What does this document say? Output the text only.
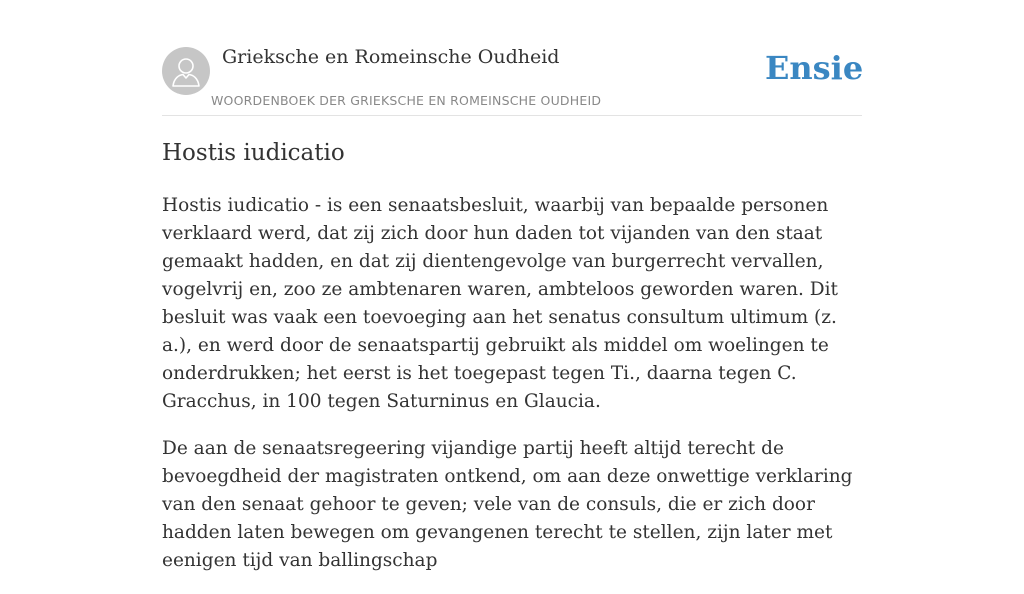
Grieksche en Romeinsche Oudheid
WOORDENBOEK DER GRIEKSCHE EN ROMEINSCHE OUDHEID
Ensie
Hostis iudicatio

Hostis iudicatio - is een senaatsbesluit, waarbij van bepaalde personen verklaard werd, dat zij zich door hun daden tot vijanden van den staat gemaakt hadden, en dat zij dientengevolge van burgerrecht vervallen, vogelvrij en, zoo ze ambtenaren waren, ambteloos geworden waren. Dit besluit was vaak een toevoeging aan het senatus consultum ultimum (z. a.), en werd door de senaatspartij gebruikt als middel om woelingen te onderdrukken; het eerst is het toegepast tegen Ti., daarna tegen C. Gracchus, in 100 tegen Saturninus en Glaucia.

De aan de senaatsregeering vijandige partij heeft altijd terecht de bevoegdheid der magistraten ontkend, om aan deze onwettige verklaring van den senaat gehoor te geven; vele van de consuls, die er zich door hadden laten bewegen om gevangenen terecht te stellen, zijn later met eenigen tijd van ballingschap
